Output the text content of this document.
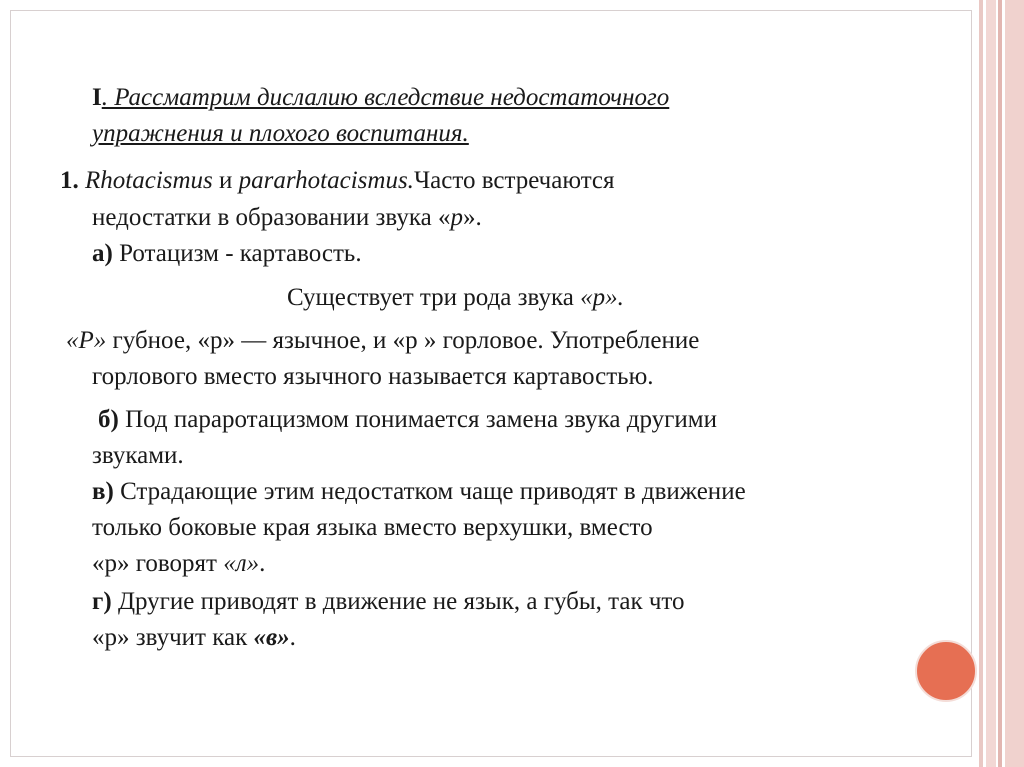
I. Рассматрим дислалию вследствие недостаточного
упражнения и плохого воспитания.
1. Rhotacismus и pararhotacismus.Часто встречаются
недостатки в образовании звука «р».
а) Ротацизм - картавость.
Существует три рода звука «р».
«Р» губное, «р» — язычное, и «р » горловое. Употребление
горлового вместо язычного называется картавостью.
б) Под параротацизмом понимается замена звука другими
звуками.
в) Страдающие этим недостатком чаще приводят в движение
только боковые края языка вместо верхушки, вместо
«р» говорят «л».
г) Другие приводят в движение не язык, а губы, так что
«р» звучит как «в».
